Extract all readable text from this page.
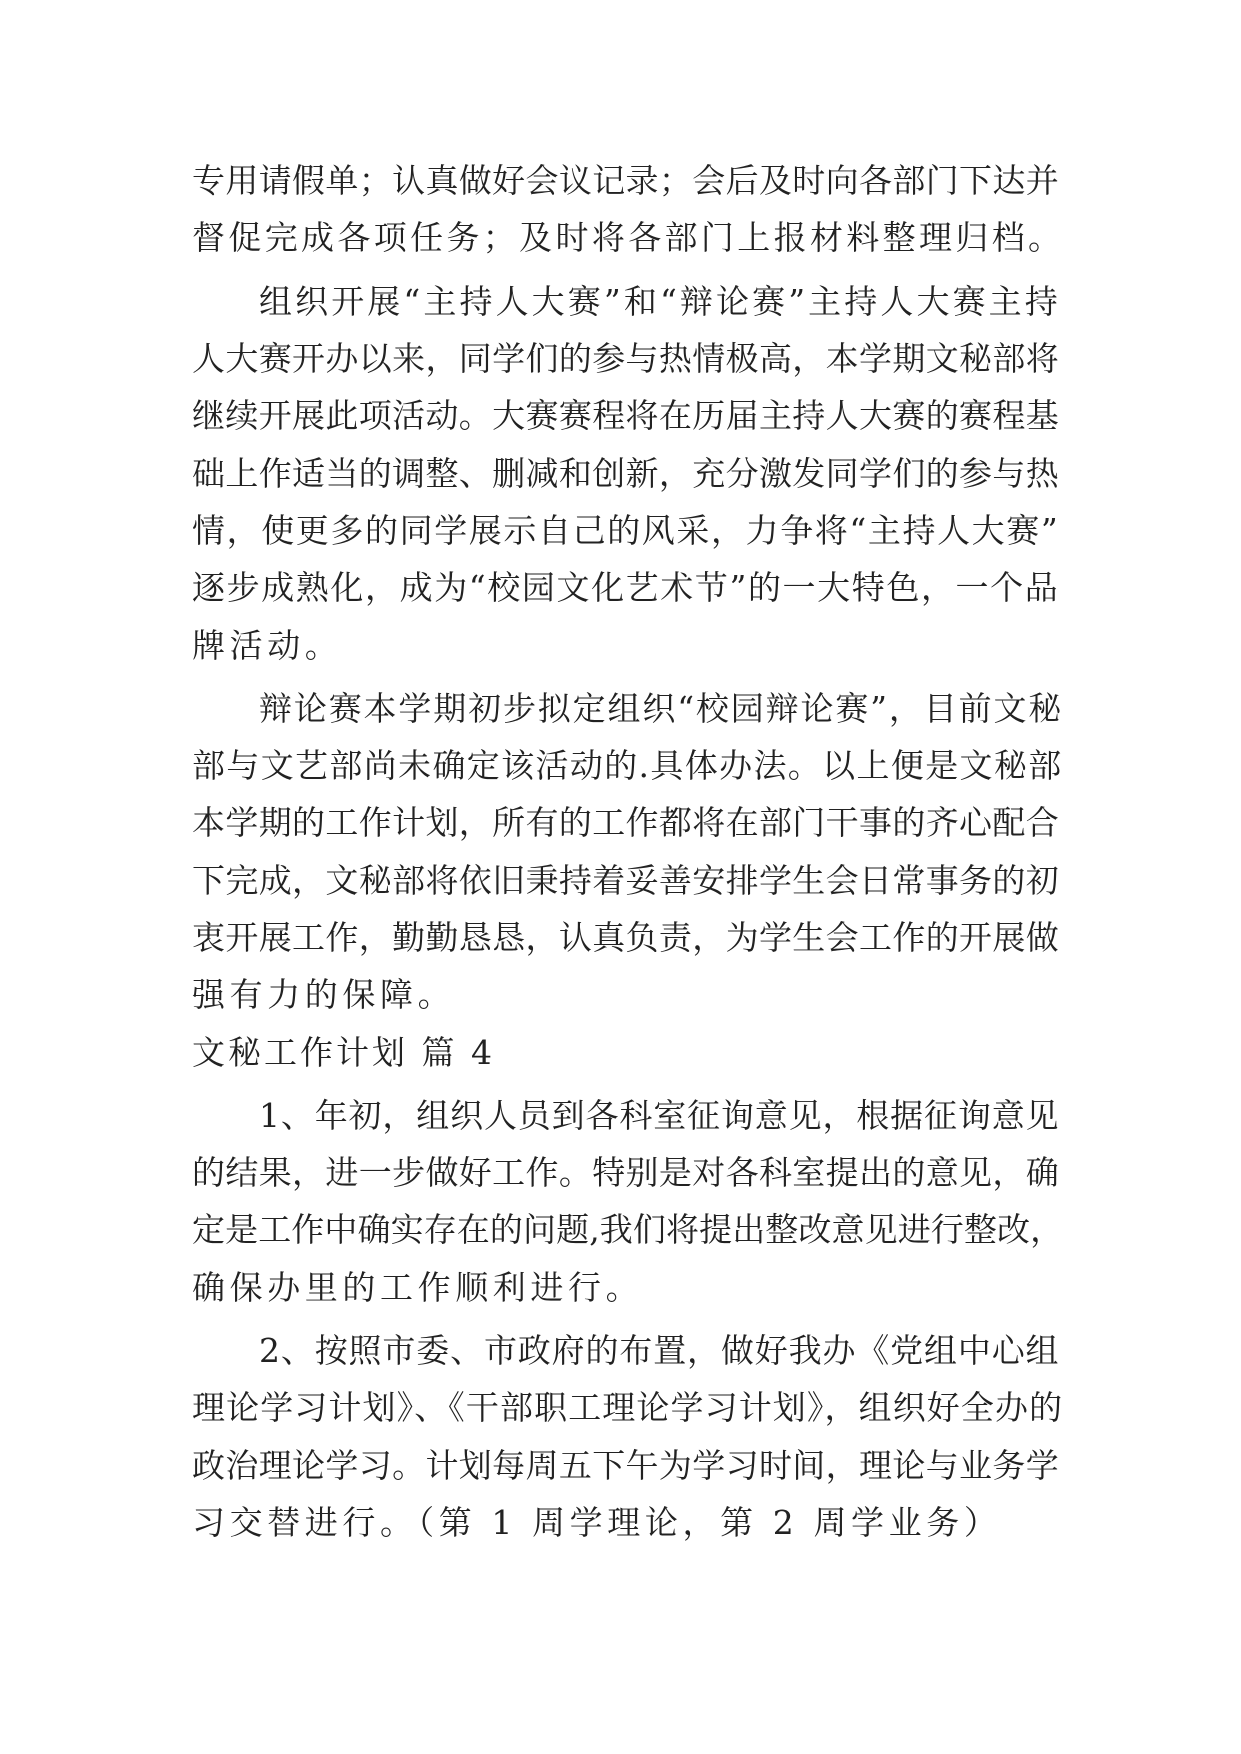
专用请假单；认真做好会议记录；会后及时向各部门下达并
督促完成各项任务；及时将各部门上报材料整理归档。
组织开展“主持人大赛”和“辩论赛”主持人大赛主持
人大赛开办以来，同学们的参与热情极高，本学期文秘部将
继续开展此项活动。大赛赛程将在历届主持人大赛的赛程基
础上作适当的调整、删减和创新，充分激发同学们的参与热
情，使更多的同学展示自己的风采，力争将“主持人大赛”
逐步成熟化，成为“校园文化艺术节”的一大特色，一个品
牌活动。
辩论赛本学期初步拟定组织“校园辩论赛”，目前文秘
部与文艺部尚未确定该活动的.具体办法。以上便是文秘部
本学期的工作计划，所有的工作都将在部门干事的齐心配合
下完成，文秘部将依旧秉持着妥善安排学生会日常事务的初
衷开展工作，勤勤恳恳，认真负责，为学生会工作的开展做
强有力的保障。
文秘工作计划 篇 4
1、年初，组织人员到各科室征询意见，根据征询意见
的结果，进一步做好工作。特别是对各科室提出的意见，确
定是工作中确实存在的问题,我们将提出整改意见进行整改，
确保办里的工作顺利进行。
2、按照市委、市政府的布置，做好我办《党组中心组
理论学习计划》、《干部职工理论学习计划》，组织好全办的
政治理论学习。计划每周五下午为学习时间，理论与业务学
习交替进行。（第 1 周学理论，第 2 周学业务）
